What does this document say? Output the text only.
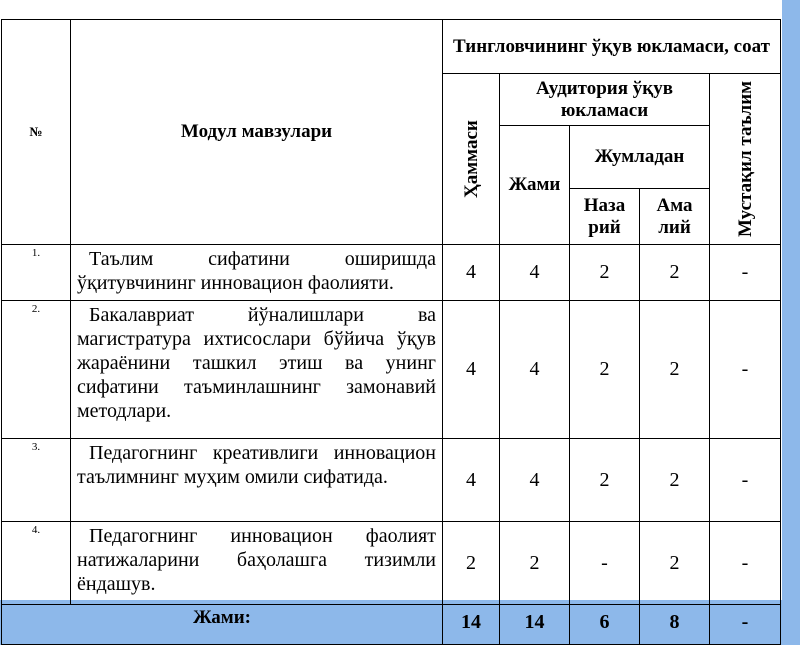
№	Модул мавзулари	Тингловчининг ўқув юкламаси, соат				

		Ҳаммаси	Аудитория ўқув юкламаси			Мустақил таълим

			Жами	Жумладан		
				Наза рий	Ама лий	
1.	Таълим сифатини оширишда ўқитувчининг инновацион фаолияти.	4	4	2	2	-
2.	Бакалавриат йўналишлари ва магистратура ихтисослари бўйича ўқув жараёнини ташкил этиш ва унинг сифатини таъминлашнинг замонавий методлари.	4	4	2	2	-
3.	Педагогнинг креативлиги инновацион таълимнинг муҳим омили сифатида.	4	4	2	2	-
4.	Педагогнинг инновацион фаолият натижаларини баҳолашга тизимли ёндашув.	2	2	-	2	-
Жами:		14	14	6	8	-
